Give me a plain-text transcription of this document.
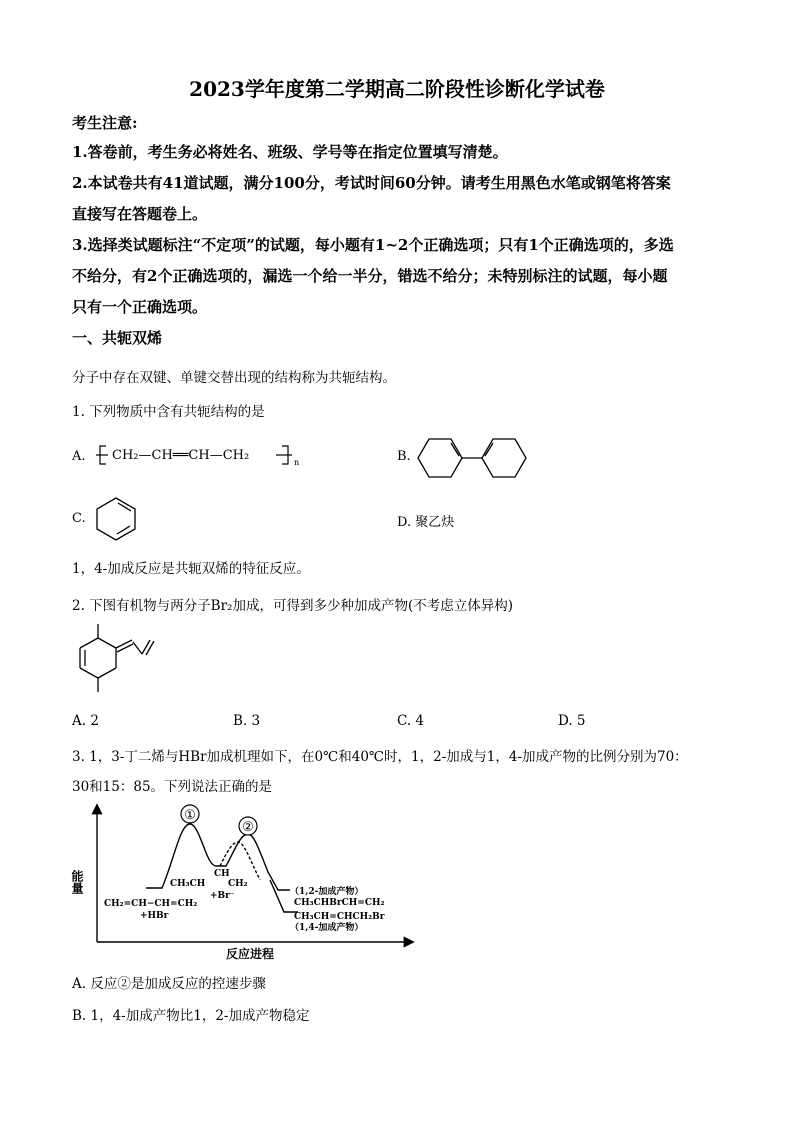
2023学年度第二学期高二阶段性诊断化学试卷
考生注意:
1.答卷前，考生务必将姓名、班级、学号等在指定位置填写清楚。
2.本试卷共有41道试题，满分100分，考试时间60分钟。请考生用黑色水笔或钢笔将答案
直接写在答题卷上。
3.选择类试题标注“不定项”的试题，每小题有1~2个正确选项；只有1个正确选项的，多选
不给分，有2个正确选项的，漏选一个给一半分，错选不给分；未特别标注的试题，每小题
只有一个正确选项。
一、共轭双烯
分子中存在双键、单键交替出现的结构称为共轭结构。
1. 下列物质中含有共轭结构的是
A. CH₂—CH══CH—CH₂	n	B.
C.	D. 聚乙炔
1，4-加成反应是共轭双烯的特征反应。
2. 下图有机物与两分子Br₂加成，可得到多少种加成产物(不考虑立体异构)
A. 2	B. 3	C. 4	D. 5
3. 1，3-丁二烯与HBr加成机理如下，在0℃和40℃时，1，2-加成与1，4-加成产物的比例分别为70：
30和15：85。下列说法正确的是
①
②
能量
反应进程
CH₂=CH−CH=CH₂
+HBr
CH
CH₃CH	CH₂
+Br⁻	（1,2-加成产物）
CH₃CHBrCH=CH₂
CH₃CH=CHCH₂Br
（1,4-加成产物）
A. 反应②是加成反应的控速步骤
B. 1，4-加成产物比1，2-加成产物稳定
